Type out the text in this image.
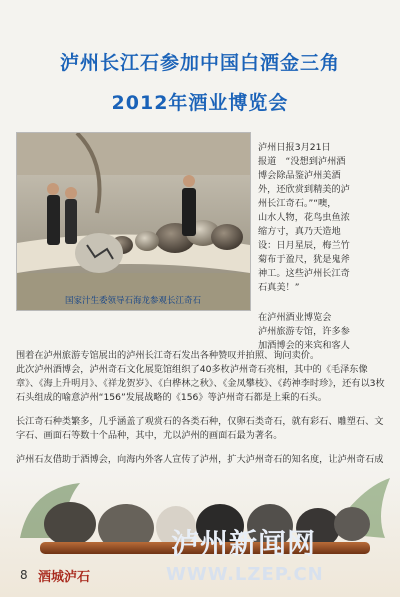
泸州长江石参加中国白酒金三角
2012年酒业博览会
国家汁生委领导石海龙参观长江奇石
泸州日报3月21日
报道　“没想到泸州酒
博会除品鉴泸州美酒
外，还欣赏到精美的泸
州长江奇石。”“噢，
山水人物，花鸟虫鱼浓
缩方寸，真乃天造地
设：日月星辰，梅兰竹
菊布于盈尺，犹是鬼斧
神工。这些泸州长江奇
石真美！”
在泸州酒业博览会
泸州旅游专馆，许多参
加酒博会的来宾和客人
围着在泸州旅游专馆展出的泸州长江奇石发出各种赞叹并拍照、询问卖价。
此次泸州酒博会，泸州奇石文化展览馆组织了40多枚泸州奇石亮相，其中的《毛泽东像章》、《海上升明月》、《祥龙贺岁》、《白桦林之秋》、《金凤攀枝》、《药神李时珍》，还有以3枚石头组成的喻意泸州“156”发展战略的《156》等泸州奇石都是上乘的石头。
长江奇石种类繁多，几乎涵盖了观赏石的各类石种，仅卵石类奇石，就有彩石、雕塑石、文字石、画面石等数十个品种，其中，尤以泸州的画面石最为著名。
泸州石友借助于酒博会，向海内外客人宣传了泸州，扩大泸州奇石的知名度，让泸州奇石成
8 酒城泸石
泸州新闻网
WWW.LZEP.CN
